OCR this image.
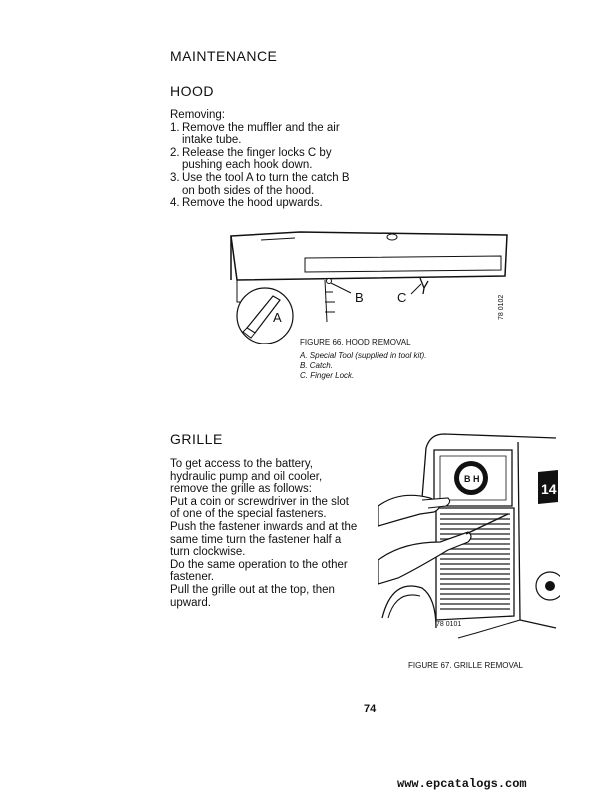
MAINTENANCE
HOOD
Removing:
1. Remove the muffler and the air intake tube.
2. Release the finger locks C by pushing each hook down.
3. Use the tool A to turn the catch B on both sides of the hood.
4. Remove the hood upwards.
B	C
A	78 0102
FIGURE 66. HOOD REMOVAL
A. Special Tool (supplied in tool kit).
B. Catch.
C. Finger Lock.
GRILLE
To get access to the battery, hydraulic pump and oil cooler, remove the grille as follows:
Put a coin or screwdriver in the slot of one of the special fasteners.
Push the fastener inwards and at the same time turn the fastener half a turn clockwise.
Do the same operation to the other fastener.
Pull the grille out at the top, then upward.
B H
14
78 0101
FIGURE 67. GRILLE REMOVAL
74
www.epcatalogs.com
